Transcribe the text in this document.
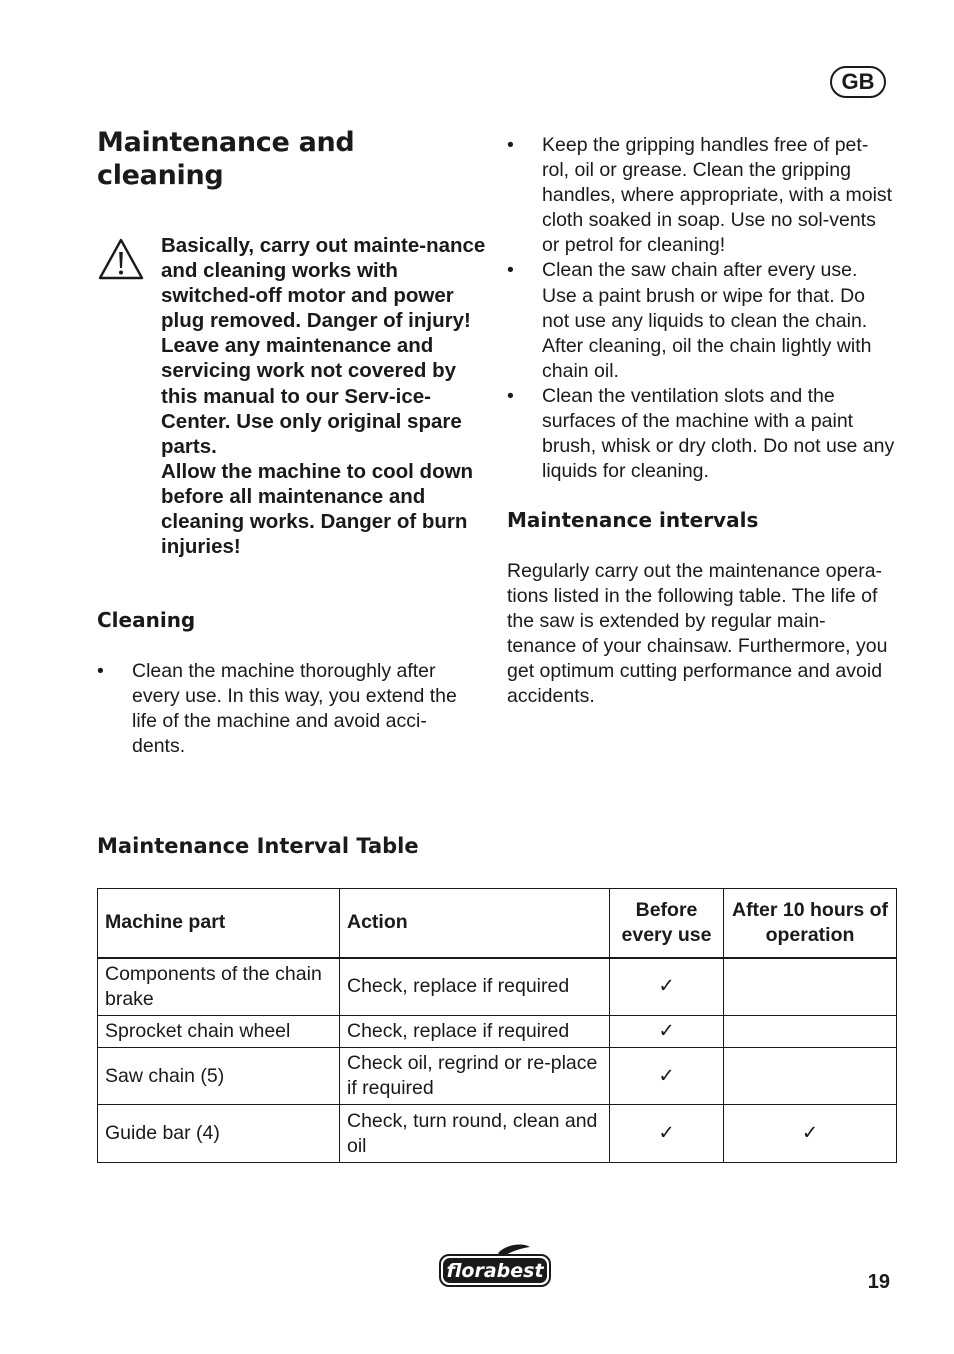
GB
Maintenance and cleaning

Basically, carry out mainte-nance and cleaning works with switched-off motor and power plug removed. Danger of injury!

Leave any maintenance and servicing work not covered by this manual to our Serv-ice-Center. Use only original spare parts.

Allow the machine to cool down before all maintenance and cleaning works. Danger of burn injuries!

Cleaning
• Clean the machine thoroughly after every use. In this way, you extend the life of the machine and avoid acci-dents.
• Keep the gripping handles free of pet-rol, oil or grease. Clean the gripping handles, where appropriate, with a moist cloth soaked in soap. Use no sol-vents or petrol for cleaning!
• Clean the saw chain after every use. Use a paint brush or wipe for that. Do not use any liquids to clean the chain. After cleaning, oil the chain lightly with chain oil.
• Clean the ventilation slots and the surfaces of the machine with a paint brush, whisk or dry cloth. Do not use any liquids for cleaning.
Maintenance intervals
Regularly carry out the maintenance opera-tions listed in the following table. The life of the saw is extended by regular main-tenance of your chainsaw. Furthermore, you get optimum cutting performance and avoid accidents.
Maintenance Interval Table
Machine part	Action	Before every use	After 10 hours of operation
Components of the chain brake	Check, replace if required	✓	
Sprocket chain wheel	Check, replace if required	✓	
Saw chain (5)	Check oil, regrind or re-place if required	✓	
Guide bar (4)	Check, turn round, clean and oil	✓	✓
florabest	19
